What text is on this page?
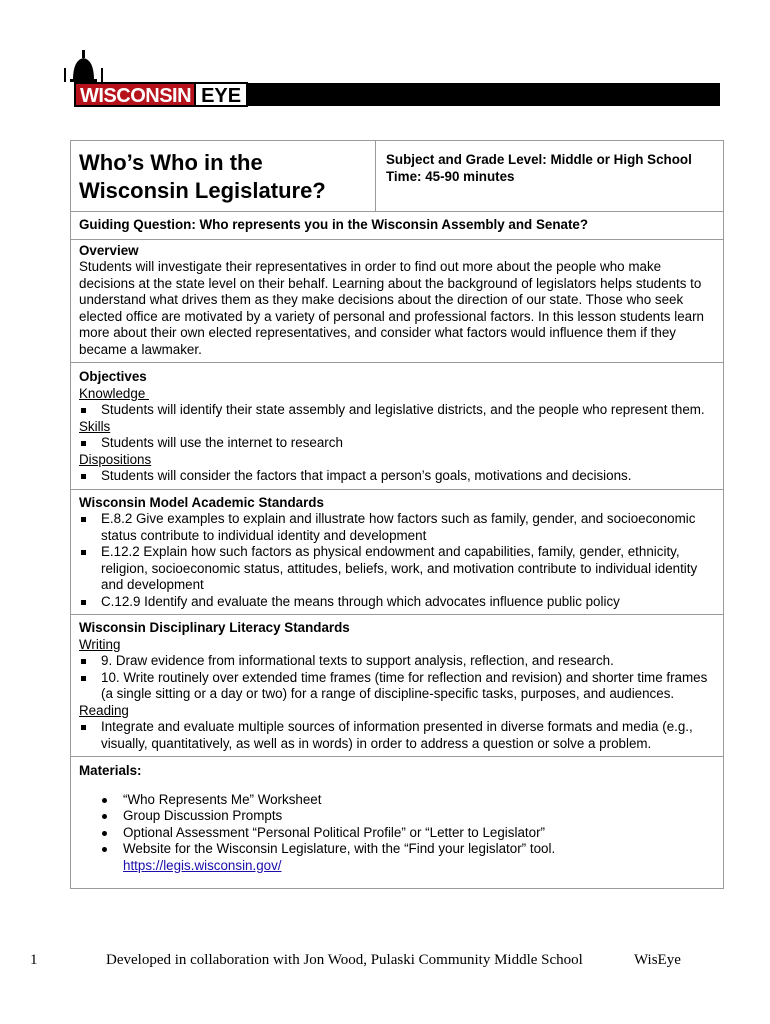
WISCONSIN EYE
Who’s Who in the Wisconsin Legislature?
Subject and Grade Level: Middle or High School
Time: 45-90 minutes
Guiding Question: Who represents you in the Wisconsin Assembly and Senate?
Overview
Students will investigate their representatives in order to find out more about the people who make decisions at the state level on their behalf. Learning about the background of legislators helps students to understand what drives them as they make decisions about the direction of our state. Those who seek elected office are motivated by a variety of personal and professional factors. In this lesson students learn more about their own elected representatives, and consider what factors would influence them if they became a lawmaker.
Objectives
Knowledge
Students will identify their state assembly and legislative districts, and the people who represent them.
Skills
Students will use the internet to research
Dispositions
Students will consider the factors that impact a person’s goals, motivations and decisions.
Wisconsin Model Academic Standards
E.8.2 Give examples to explain and illustrate how factors such as family, gender, and socioeconomic status contribute to individual identity and development
E.12.2 Explain how such factors as physical endowment and capabilities, family, gender, ethnicity, religion, socioeconomic status, attitudes, beliefs, work, and motivation contribute to individual identity and development
C.12.9 Identify and evaluate the means through which advocates influence public policy
Wisconsin Disciplinary Literacy Standards
Writing
9. Draw evidence from informational texts to support analysis, reflection, and research.
10. Write routinely over extended time frames (time for reflection and revision) and shorter time frames (a single sitting or a day or two) for a range of discipline-specific tasks, purposes, and audiences.
Reading
Integrate and evaluate multiple sources of information presented in diverse formats and media (e.g., visually, quantitatively, as well as in words) in order to address a question or solve a problem.
Materials:
“Who Represents Me” Worksheet
Group Discussion Prompts
Optional Assessment “Personal Political Profile” or “Letter to Legislator”
Website for the Wisconsin Legislature, with the “Find your legislator” tool.
https://legis.wisconsin.gov/
1	Developed in collaboration with Jon Wood, Pulaski Community Middle School	WisEye
